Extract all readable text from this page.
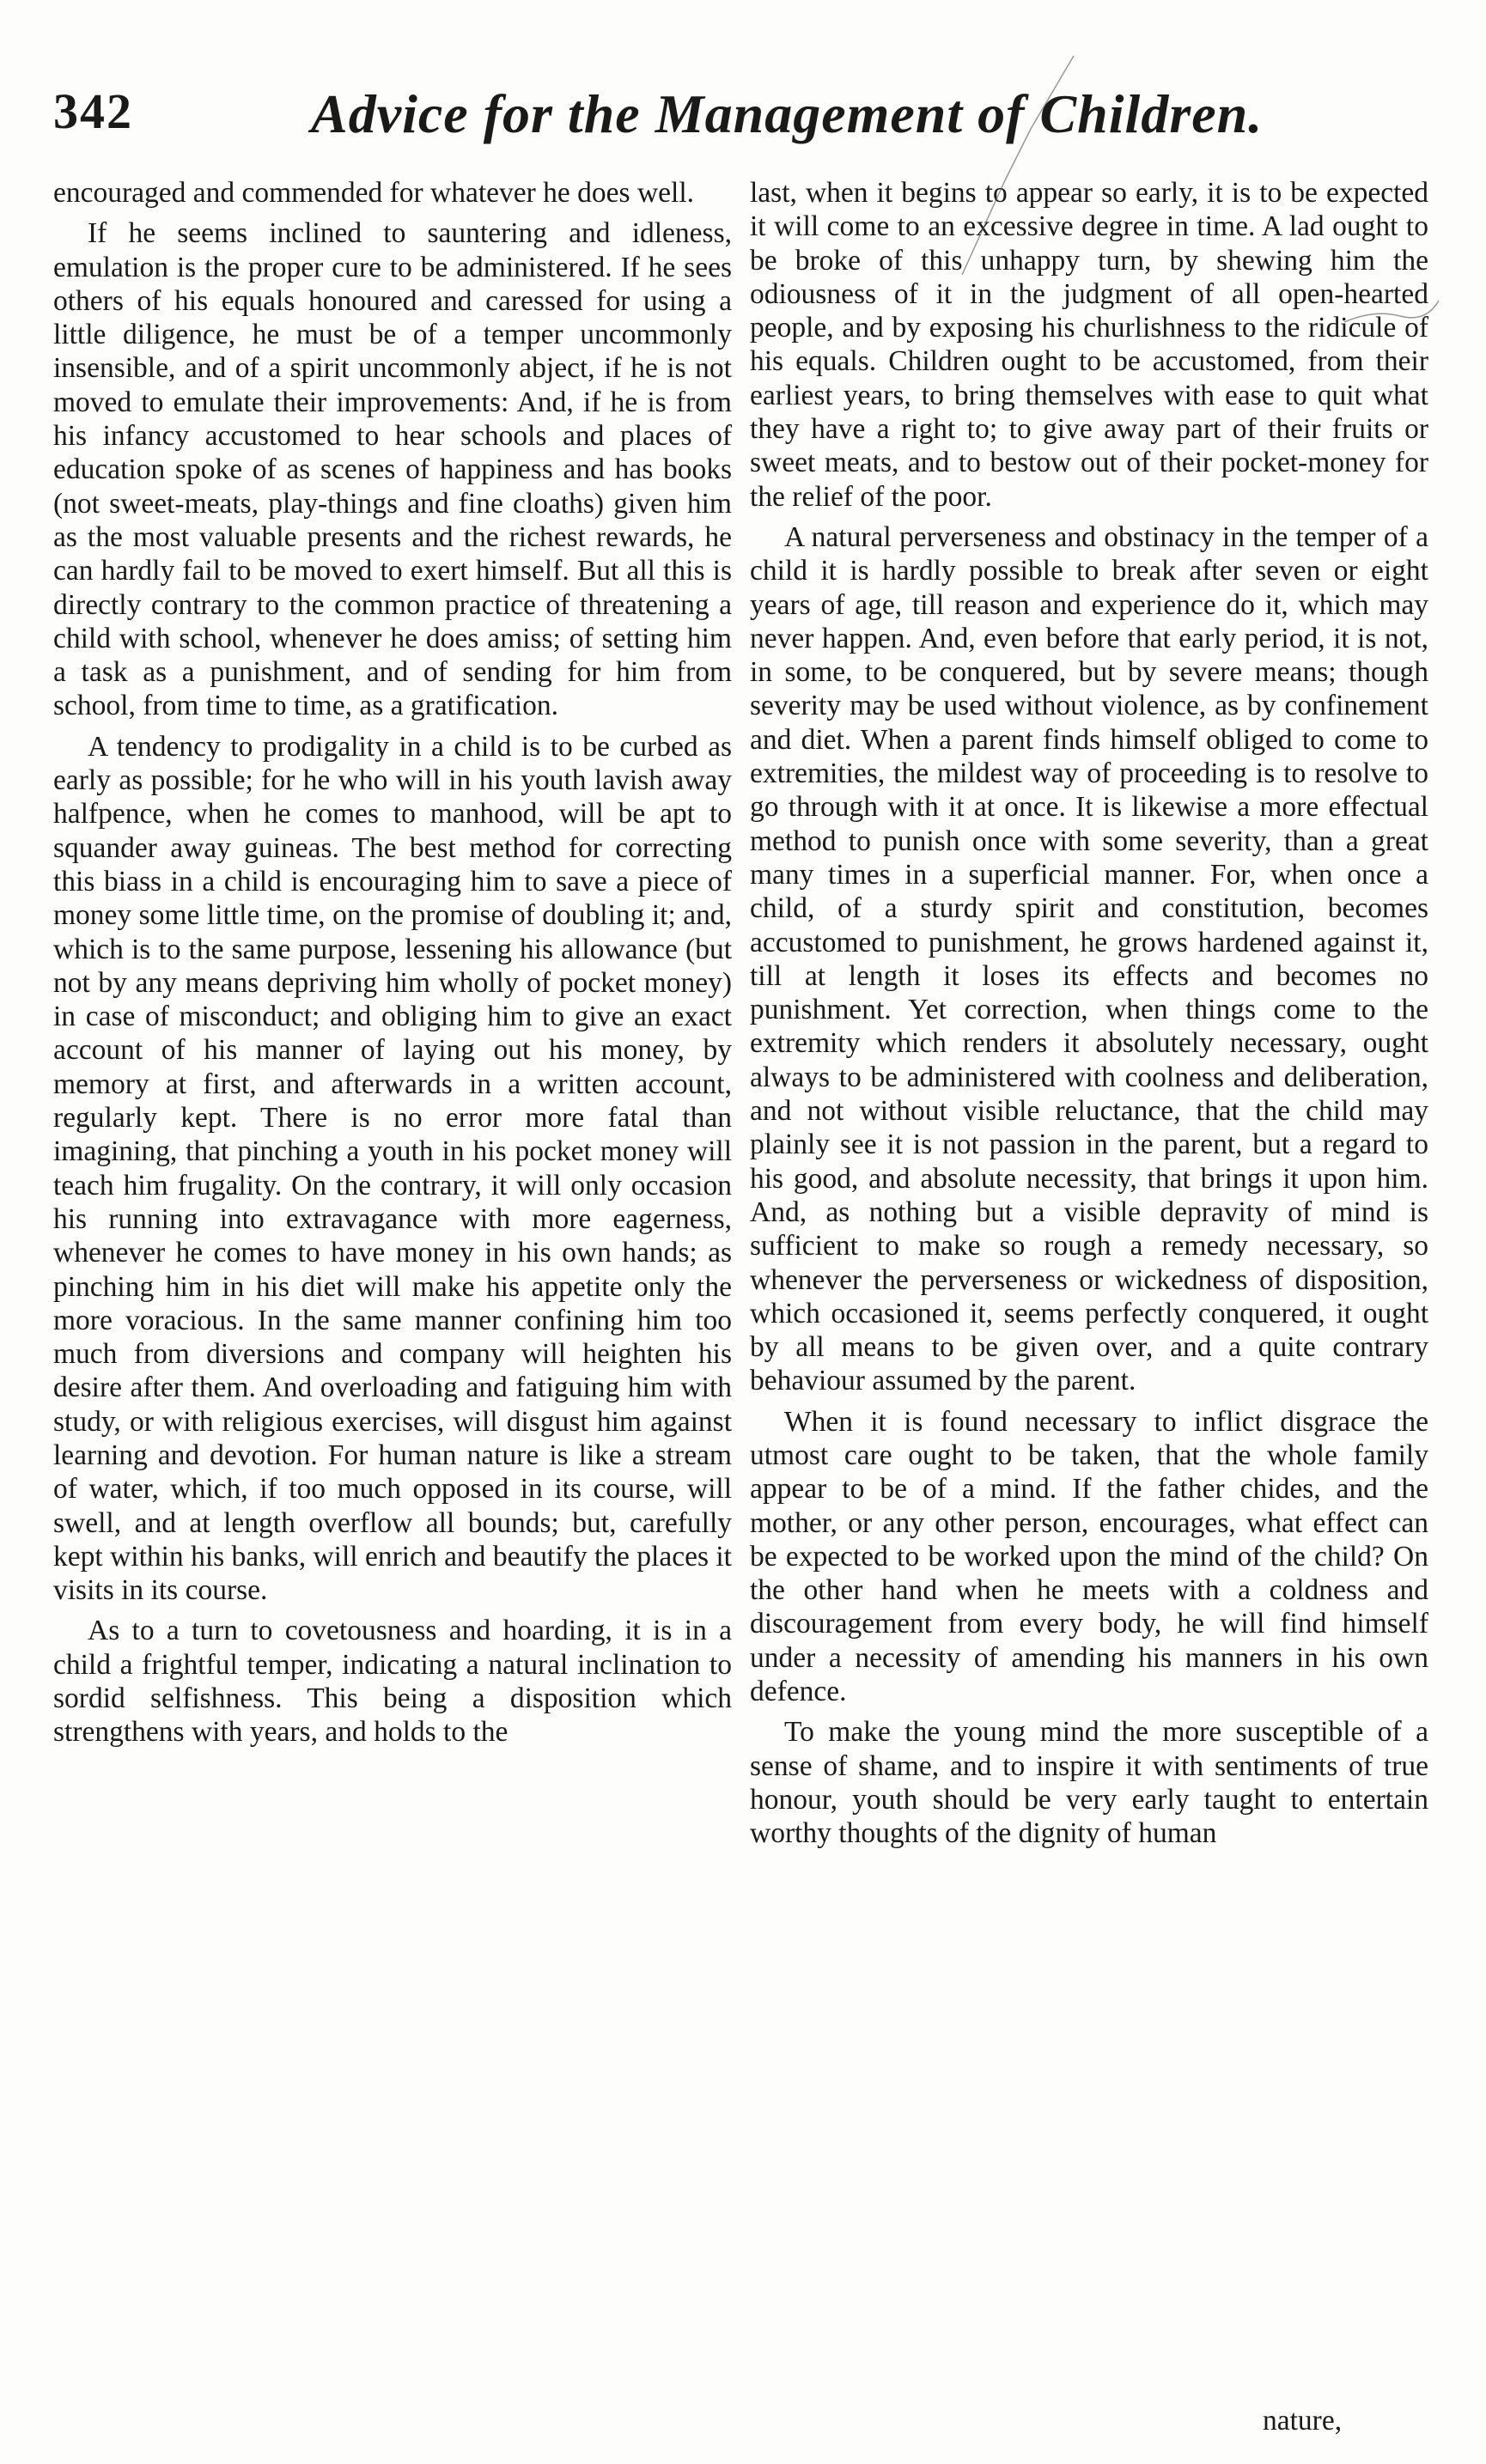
342	Advice for the Management of Children.

encouraged and commended for whatever he does well.

If he seems inclined to sauntering and idleness, emulation is the proper cure to be administered. If he sees others of his equals honoured and caressed for using a little diligence, he must be of a temper uncommonly insensible, and of a spirit uncommonly abject, if he is not moved to emulate their improvements: And, if he is from his infancy accustomed to hear schools and places of education spoke of as scenes of happiness and has books (not sweet-meats, play-things and fine cloaths) given him as the most valuable presents and the richest rewards, he can hardly fail to be moved to exert himself. But all this is directly contrary to the common practice of threatening a child with school, whenever he does amiss; of setting him a task as a punishment, and of sending for him from school, from time to time, as a gratification.

A tendency to prodigality in a child is to be curbed as early as possible; for he who will in his youth lavish away halfpence, when he comes to manhood, will be apt to squander away guineas. The best method for correcting this biass in a child is encouraging him to save a piece of money some little time, on the promise of doubling it; and, which is to the same purpose, lessening his allowance (but not by any means depriving him wholly of pocket money) in case of misconduct; and obliging him to give an exact account of his manner of laying out his money, by memory at first, and afterwards in a written account, regularly kept. There is no error more fatal than imagining, that pinching a youth in his pocket money will teach him frugality. On the contrary, it will only occasion his running into extravagance with more eagerness, whenever he comes to have money in his own hands; as pinching him in his diet will make his appetite only the more voracious. In the same manner confining him too much from diversions and company will heighten his desire after them. And overloading and fatiguing him with study, or with religious exercises, will disgust him against learning and devotion. For human nature is like a stream of water, which, if too much opposed in its course, will swell, and at length overflow all bounds; but, carefully kept within his banks, will enrich and beautify the places it visits in its course.

As to a turn to covetousness and hoarding, it is in a child a frightful temper, indicating a natural inclination to sordid selfishness. This being a disposition which strengthens with years, and holds to the

last, when it begins to appear so early, it is to be expected it will come to an excessive degree in time. A lad ought to be broke of this unhappy turn, by shewing him the odiousness of it in the judgment of all open-hearted people, and by exposing his churlishness to the ridicule of his equals. Children ought to be accustomed, from their earliest years, to bring themselves with ease to quit what they have a right to; to give away part of their fruits or sweet meats, and to bestow out of their pocket-money for the relief of the poor.

A natural perverseness and obstinacy in the temper of a child it is hardly possible to break after seven or eight years of age, till reason and experience do it, which may never happen. And, even before that early period, it is not, in some, to be conquered, but by severe means; though severity may be used without violence, as by confinement and diet. When a parent finds himself obliged to come to extremities, the mildest way of proceeding is to resolve to go through with it at once. It is likewise a more effectual method to punish once with some severity, than a great many times in a superficial manner. For, when once a child, of a sturdy spirit and constitution, becomes accustomed to punishment, he grows hardened against it, till at length it loses its effects and becomes no punishment. Yet correction, when things come to the extremity which renders it absolutely necessary, ought always to be administered with coolness and deliberation, and not without visible reluctance, that the child may plainly see it is not passion in the parent, but a regard to his good, and absolute necessity, that brings it upon him. And, as nothing but a visible depravity of mind is sufficient to make so rough a remedy necessary, so whenever the perverseness or wickedness of disposition, which occasioned it, seems perfectly conquered, it ought by all means to be given over, and a quite contrary behaviour assumed by the parent.

When it is found necessary to inflict disgrace the utmost care ought to be taken, that the whole family appear to be of a mind. If the father chides, and the mother, or any other person, encourages, what effect can be expected to be worked upon the mind of the child? On the other hand when he meets with a coldness and discouragement from every body, he will find himself under a necessity of amending his manners in his own defence.

To make the young mind the more susceptible of a sense of shame, and to inspire it with sentiments of true honour, youth should be very early taught to entertain worthy thoughts of the dignity of human

nature,
